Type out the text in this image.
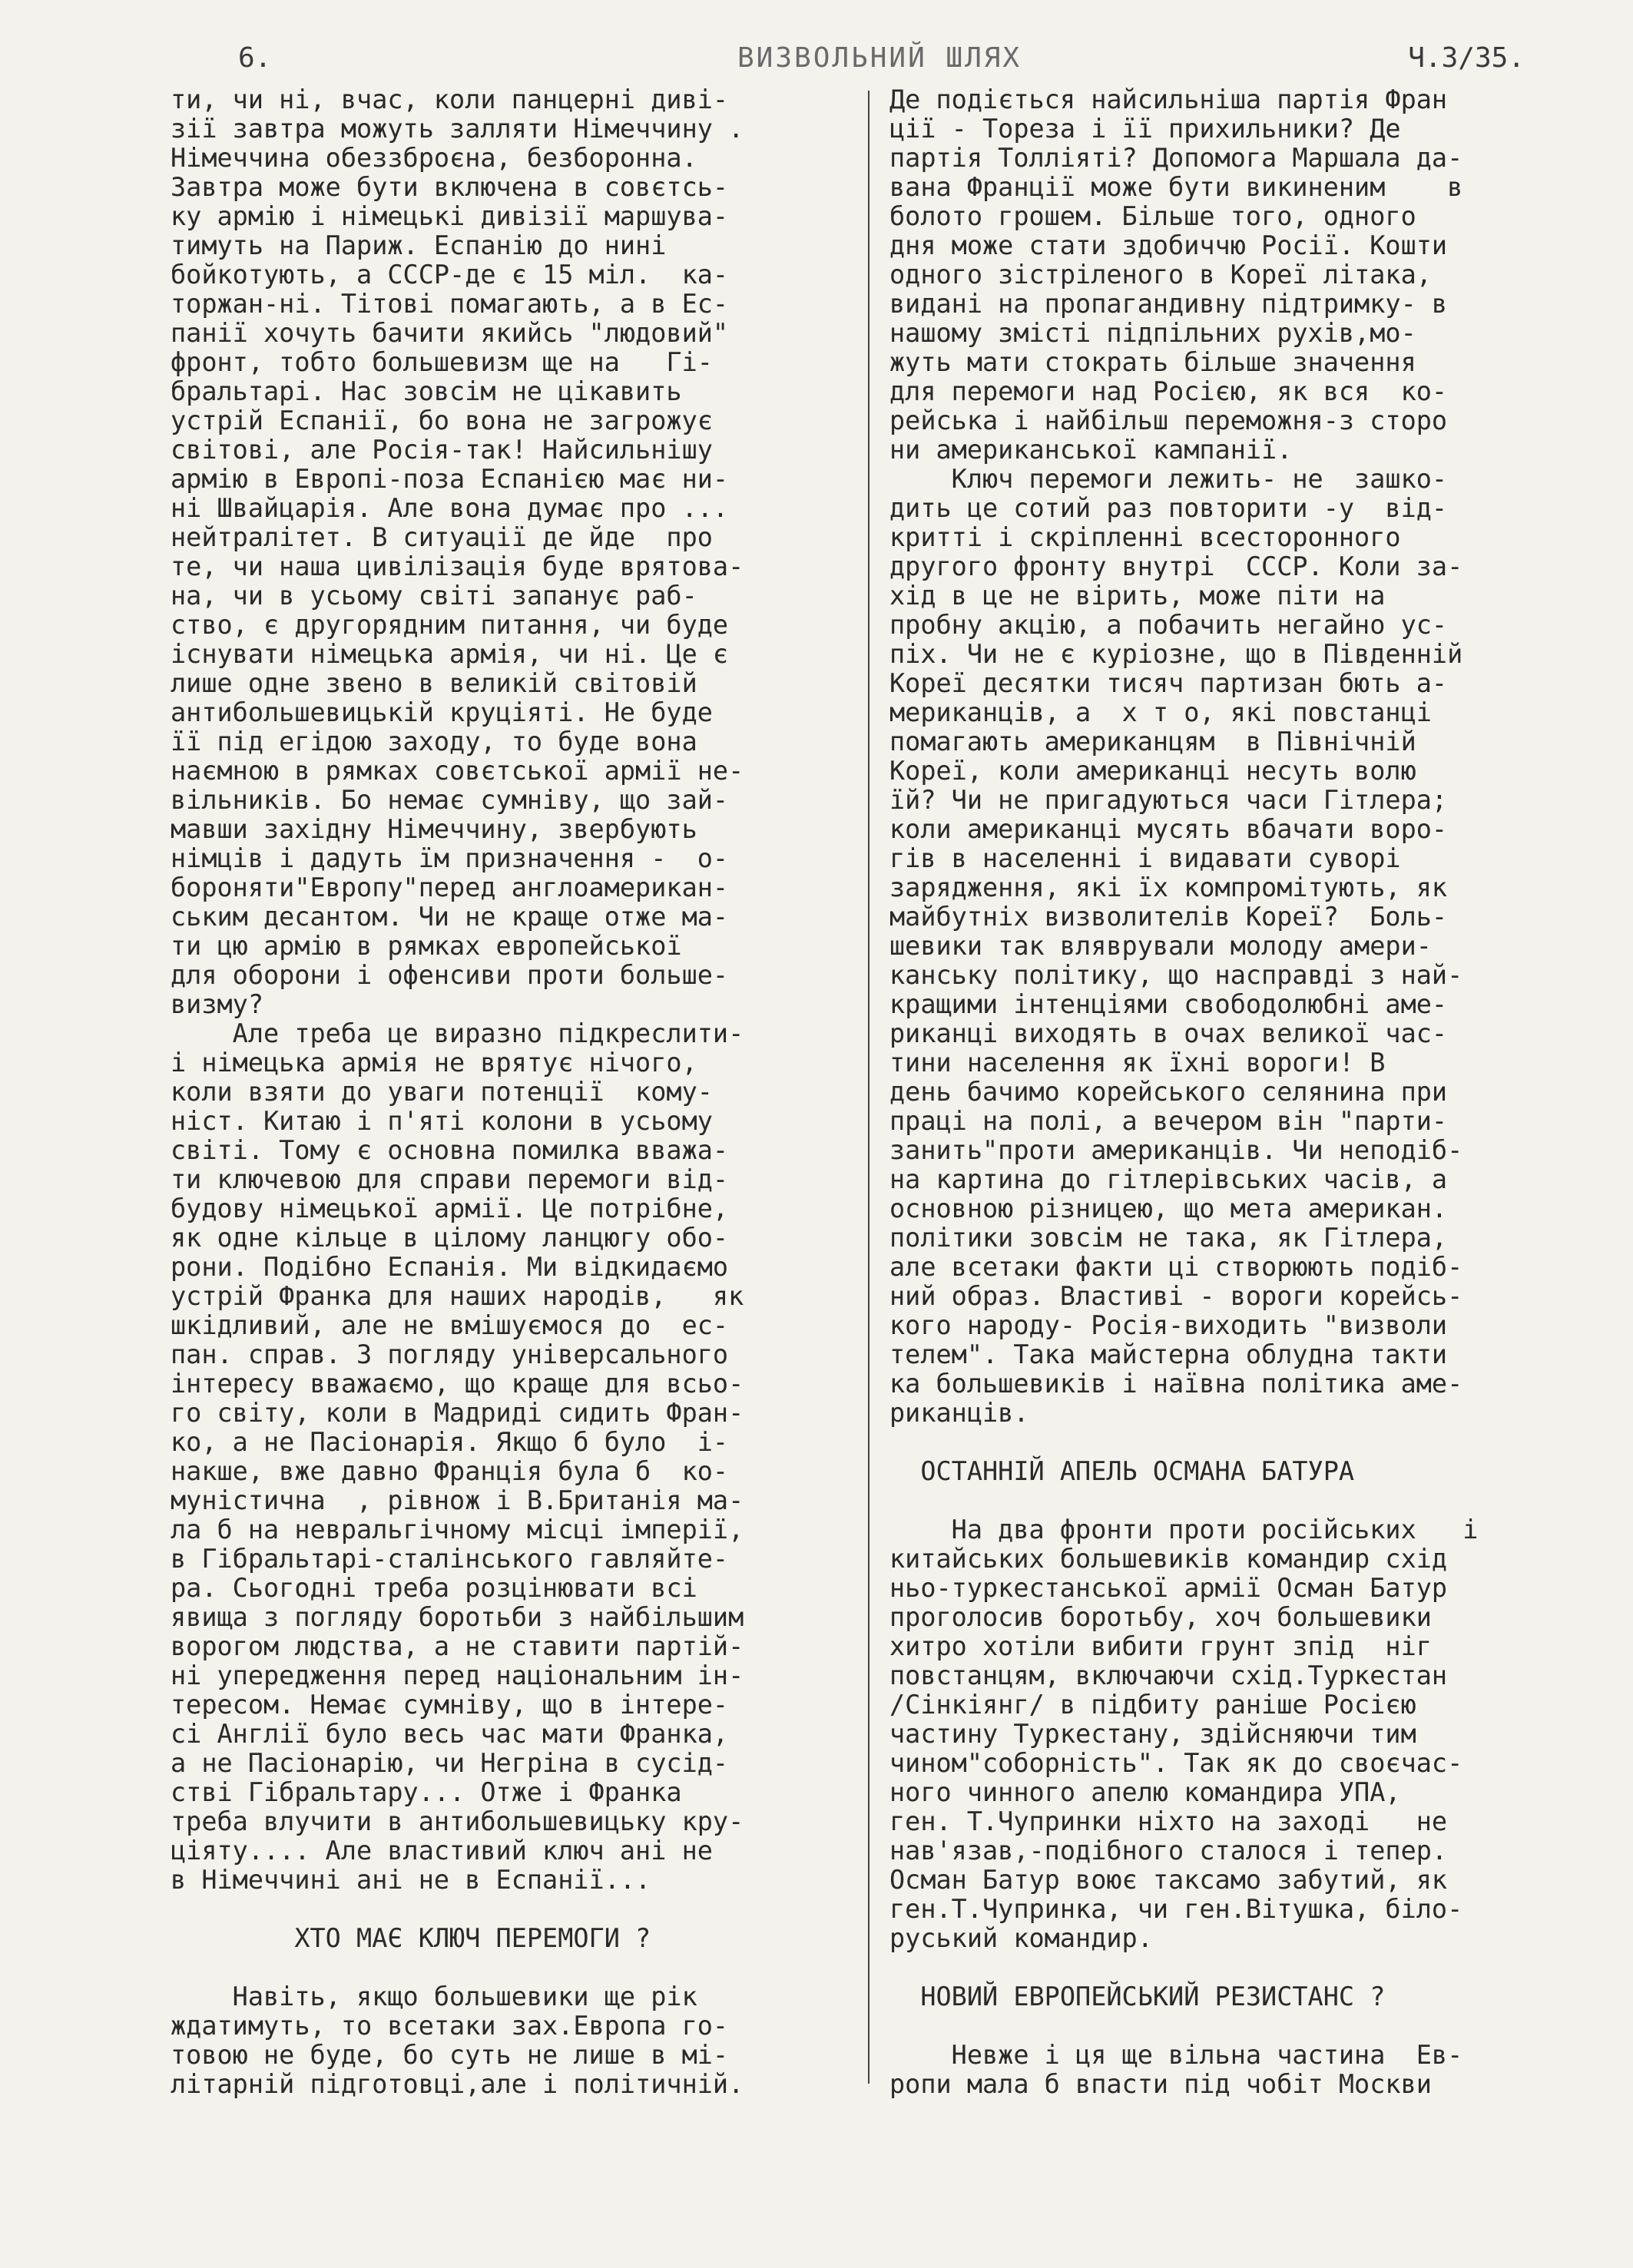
6.	ВИЗВОЛЬНИЙ ШЛЯХ	Ч.3/35.
ти, чи ні, вчас, коли панцерні диві-
зії завтра можуть залляти Німеччину .
Німеччина обеззброєна, безборонна.
Завтра може бути включена в совєтсь-
ку армію і німецькі дивізії маршува-
тимуть на Париж. Еспанію до нині
бойкотують, а СССР-де є 15 міл.  ка-
торжан-ні. Тітові помагають, а в Ес-
панії хочуть бачити якийсь "людовий"
фронт, тобто большевизм ще на   Гі-
бральтарі. Нас зовсім не цікавить
устрій Еспанії, бо вона не загрожує
світові, але Росія-так! Найсильнішу
армію в Европі-поза Еспанією має ни-
ні Швайцарія. Але вона думає про ...
нейтралітет. В ситуації де йде  про
те, чи наша цивілізація буде врятова-
на, чи в усьому світі запанує раб-
ство, є другорядним питання, чи буде
існувати німецька армія, чи ні. Це є
лише одне звено в великій світовій
антибольшевицькій круціяті. Не буде
її під егідою заходу, то буде вона
наємною в рямках совєтської армії не-
вільників. Бо немає сумніву, що зай-
мавши західну Німеччину, звербують
німців і дадуть їм призначення -  о-
бороняти"Европу"перед англоамерикан-
ським десантом. Чи не краще отже ма-
ти цю армію в рямках европейської
для оборони і офенсиви проти больше-
визму?
Але треба це виразно підкреслити-
і німецька армія не врятує нічого,
коли взяти до уваги потенції  кому-
ніст. Китаю і п'яті колони в усьому
світі. Тому є основна помилка вважа-
ти ключевою для справи перемоги від-
будову німецької армії. Це потрібне,
як одне кільце в цілому ланцюгу обо-
рони. Подібно Еспанія. Ми відкидаємо
устрій Франка для наших народів,   як
шкідливий, але не вмішуємося до  ес-
пан. справ. З погляду універсального
інтересу вважаємо, що краще для всьо-
го світу, коли в Мадриді сидить Фран-
ко, а не Пасіонарія. Якщо б було  і-
накше, вже давно Франція була б  ко-
муністична  , рівнож і В.Британія ма-
ла б на невральгічному місці імперії,
в Гібральтарі-сталінського гавляйте-
ра. Сьогодні треба розцінювати всі
явища з погляду боротьби з найбільшим
ворогом людства, а не ставити партій-
ні упередження перед національним ін-
тересом. Немає сумніву, що в інтере-
сі Англії було весь час мати Франка,
а не Пасіонарію, чи Негріна в сусід-
стві Гібральтару... Отже і Франка
треба влучити в антибольшевицьку кру-
ціяту.... Але властивий ключ ані не
в Німеччині ані не в Еспанії...
ХТО МАЄ КЛЮЧ ПЕРЕМОГИ ?
Навіть, якщо большевики ще рік
ждатимуть, то всетаки зах.Европа го-
товою не буде, бо суть не лише в мі-
літарній підготовці,але і політичній.
Де подіється найсильніша партія Фран
ції - Тореза і її прихильники? Де
партія Толліяті? Допомога Маршала да-
вана Франції може бути викиненим    в
болото грошем. Більше того, одного
дня може стати здобиччю Росії. Кошти
одного зістріленого в Кореї літака,
видані на пропагандивну підтримку- в
нашому змісті підпільних рухів,мо-
жуть мати стократь більше значення
для перемоги над Росією, як вся  ко-
рейська і найбільш переможня-з сторо
ни американської кампанії.
Ключ перемоги лежить- не  зашко-
дить це сотий раз повторити -у  від-
критті і скріпленні всесторонного
другого фронту внутрі  СССР. Коли за-
хід в це не вірить, може піти на
пробну акцію, а побачить негайно ус-
піх. Чи не є куріозне, що в Південній
Кореї десятки тисяч партизан бють а-
мериканців, а  х т о, які повстанці
помагають американцям  в Північній
Кореї, коли американці несуть волю
їй? Чи не пригадуються часи Гітлера;
коли американці мусять вбачати воро-
гів в населенні і видавати суворі
зарядження, які їх компромітують, як
майбутніх визволителів Кореї?  Боль-
шевики так вляврували молоду амери-
канську політику, що насправді з най-
кращими інтенціями свободолюбні аме-
риканці виходять в очах великої час-
тини населення як їхні вороги! В
день бачимо корейського селянина при
праці на полі, а вечером він "парти-
занить"проти американців. Чи неподіб-
на картина до гітлерівських часів, а
основною різницею, що мета американ.
політики зовсім не така, як Гітлера,
але всетаки факти ці створюють подіб-
ний образ. Властиві - вороги корейсь-
кого народу- Росія-виходить "визволи
телем". Така майстерна облудна такти
ка большевиків і наївна політика аме-
риканців.
ОСТАННІЙ АПЕЛЬ ОСМАНА БАТУРА
На два фронти проти російських   і
китайських большевиків командир схід
ньо-туркестанської армії Осман Батур
проголосив боротьбу, хоч большевики
хитро хотіли вибити грунт зпід  ніг
повстанцям, включаючи схід.Туркестан
/Сінкіянг/ в підбиту раніше Росією
частину Туркестану, здійсняючи тим
чином"соборність". Так як до своєчас-
ного чинного апелю командира УПА,
ген. Т.Чупринки ніхто на заході   не
нав'язав,-подібного сталося і тепер.
Осман Батур воює таксамо забутий, як
ген.Т.Чупринка, чи ген.Вітушка, біло-
руський командир.
НОВИЙ ЕВРОПЕЙСЬКИЙ РЕЗИСТАНС ?
Невже і ця ще вільна частина  Ев-
ропи мала б впасти під чобіт Москви
